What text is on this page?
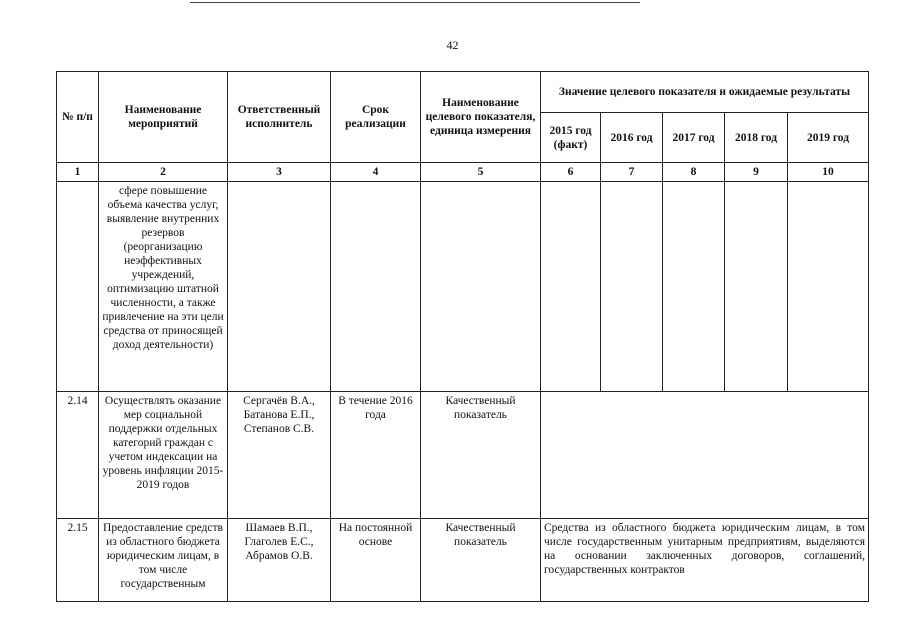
42
№ п/п	Наименование мероприятий	Ответственный исполнитель	Срок реализации	Наименование целевого показателя, единица измерения	Значение целевого показателя и ожидаемые результаты				
					2015 год (факт)	2016 год	2017 год	2018 год	2019 год
1	2	3	4	5	6	7	8	9	10
	сфере повышение объема качества услуг, выявление внутренних резервов (реорганизацию неэффективных учреждений, оптимизацию штатной численности, а также привлечение на эти цели средства от приносящей доход деятельности)								
2.14	Осуществлять оказание мер социальной поддержки отдельных категорий граждан с учетом индексации на уровень инфляции 2015-2019 годов	Сергачёв В.А., Батанова Е.П., Степанов С.В.	В течение 2016 года	Качественный показатель					
2.15	Предоставление средств из областного бюджета юридическим лицам, в том числе государственным	Шамаев В.П., Глаголев Е.С., Абрамов О.В.	На постоянной основе	Качественный показатель	Средства из областного бюджета юридическим лицам, в том числе государственным унитарным предприятиям, выделяются на основании заключенных договоров, соглашений, государственных контрактов				
